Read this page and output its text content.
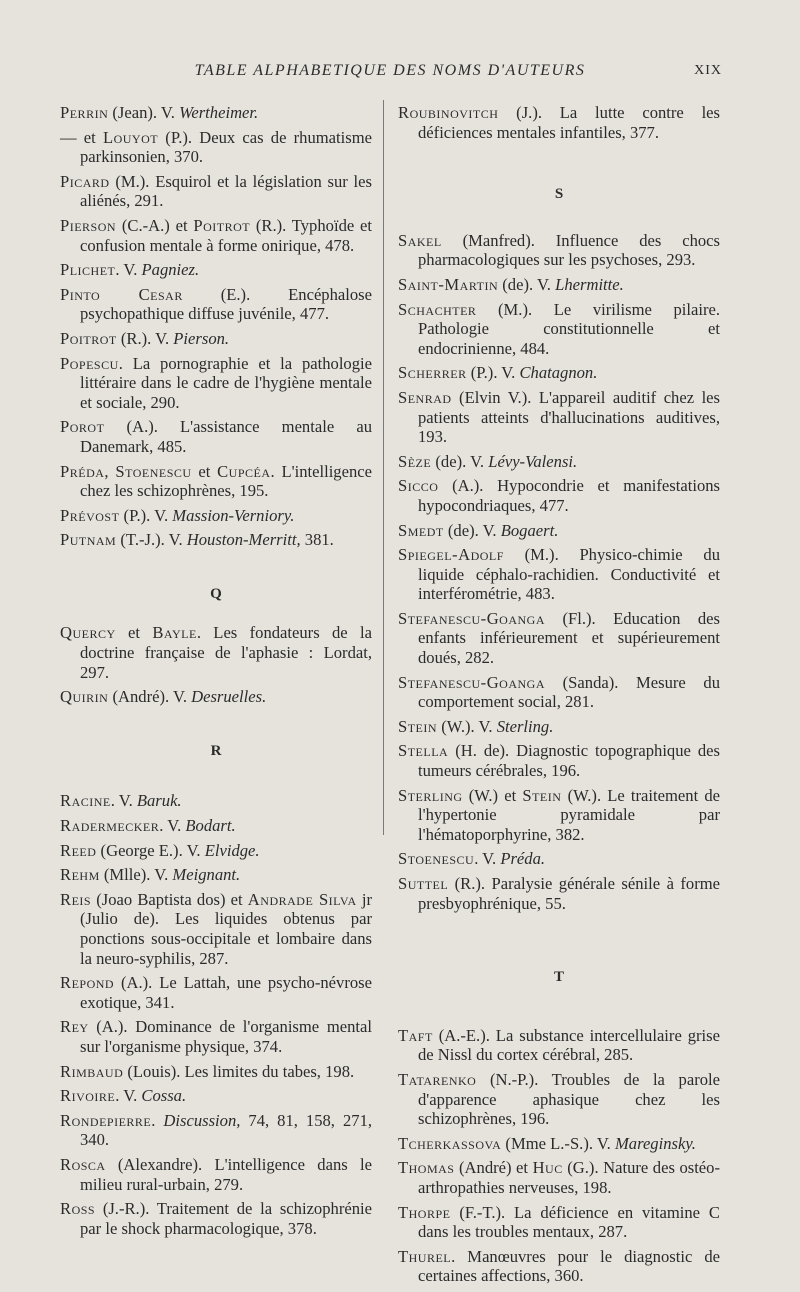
TABLE ALPHABETIQUE DES NOMS D'AUTEURS	XIX

Perrin (Jean). V. Wertheimer.

— et Louyot (P.). Deux cas de rhumatisme parkinsonien, 370.

Picard (M.). Esquirol et la législation sur les aliénés, 291.

Pierson (C.-A.) et Poitrot (R.). Typhoïde et confusion mentale à forme onirique, 478.

Plichet. V. Pagniez.

Pinto Cesar (E.). Encéphalose psychopathique diffuse juvénile, 477.

Poitrot (R.). V. Pierson.

Popescu. La pornographie et la pathologie littéraire dans le cadre de l'hygiène mentale et sociale, 290.

Porot (A.). L'assistance mentale au Danemark, 485.

Préda, Stoenescu et Cupcéa. L'intelligence chez les schizophrènes, 195.

Prévost (P.). V. Massion-Verniory.

Putnam (T.-J.). V. Houston-Merritt, 381.

Q

Quercy et Bayle. Les fondateurs de la doctrine française de l'aphasie : Lordat, 297.

Quirin (André). V. Desruelles.

R

Racine. V. Baruk.

Radermecker. V. Bodart.

Reed (George E.). V. Elvidge.

Rehm (Mlle). V. Meignant.

Reis (Joao Baptista dos) et Andrade Silva jr (Julio de). Les liquides obtenus par ponctions sous-occipitale et lombaire dans la neuro-syphilis, 287.

Repond (A.). Le Lattah, une psycho-névrose exotique, 341.

Rey (A.). Dominance de l'organisme mental sur l'organisme physique, 374.

Rimbaud (Louis). Les limites du tabes, 198.

Rivoire. V. Cossa.

Rondepierre. Discussion, 74, 81, 158, 271, 340.

Rosca (Alexandre). L'intelligence dans le milieu rural-urbain, 279.

Ross (J.-R.). Traitement de la schizophrénie par le shock pharmacologique, 378.

Roubinovitch (J.). La lutte contre les déficiences mentales infantiles, 377.

S

Sakel (Manfred). Influence des chocs pharmacologiques sur les psychoses, 293.

Saint-Martin (de). V. Lhermitte.

Schachter (M.). Le virilisme pilaire. Pathologie constitutionnelle et endocrinienne, 484.

Scherrer (P.). V. Chatagnon.

Senrad (Elvin V.). L'appareil auditif chez les patients atteints d'hallucinations auditives, 193.

Sèze (de). V. Lévy-Valensi.

Sicco (A.). Hypocondrie et manifestations hypocondriaques, 477.

Smedt (de). V. Bogaert.

Spiegel-Adolf (M.). Physico-chimie du liquide céphalo-rachidien. Conductivité et interférométrie, 483.

Stefanescu-Goanga (Fl.). Education des enfants inférieurement et supérieurement doués, 282.

Stefanescu-Goanga (Sanda). Mesure du comportement social, 281.

Stein (W.). V. Sterling.

Stella (H. de). Diagnostic topographique des tumeurs cérébrales, 196.

Sterling (W.) et Stein (W.). Le traitement de l'hypertonie pyramidale par l'hématoporphyrine, 382.

Stoenescu. V. Préda.

Suttel (R.). Paralysie générale sénile à forme presbyophrénique, 55.

T

Taft (A.-E.). La substance intercellulaire grise de Nissl du cortex cérébral, 285.

Tatarenko (N.-P.). Troubles de la parole d'apparence aphasique chez les schizophrènes, 196.

Tcherkassova (Mme L.-S.). V. Mareginsky.

Thomas (André) et Huc (G.). Nature des ostéo-arthropathies nerveuses, 198.

Thorpe (F.-T.). La déficience en vitamine C dans les troubles mentaux, 287.

Thurel. Manœuvres pour le diagnostic de certaines affections, 360.
